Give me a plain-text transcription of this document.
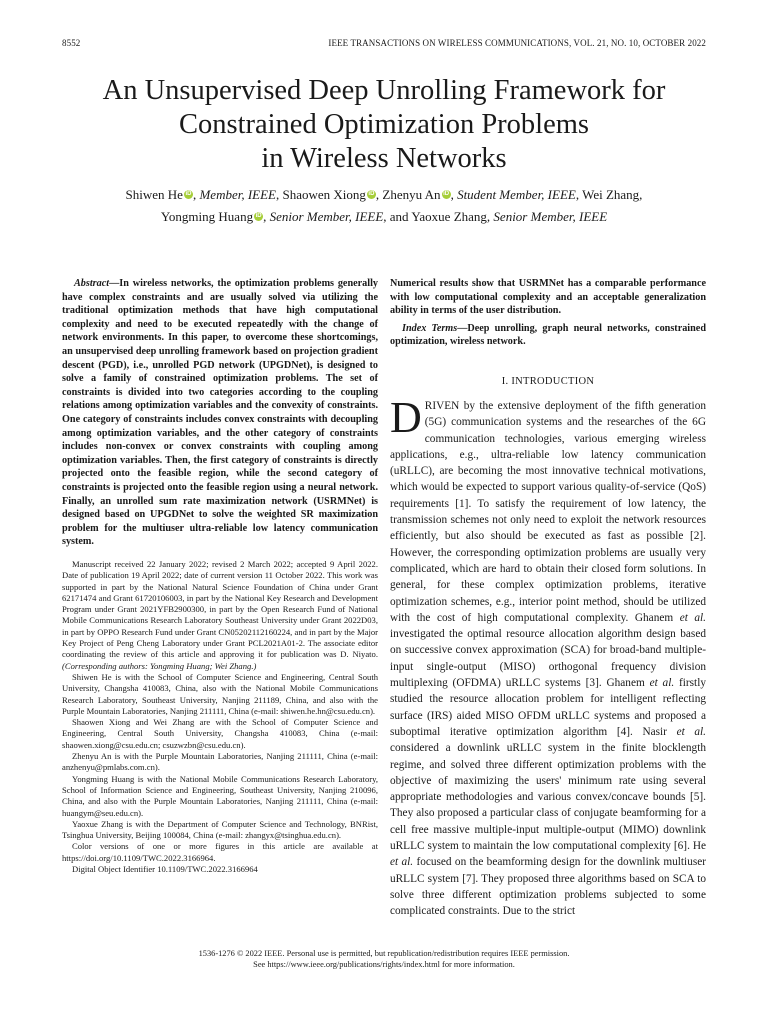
8552	IEEE TRANSACTIONS ON WIRELESS COMMUNICATIONS, VOL. 21, NO. 10, OCTOBER 2022
An Unsupervised Deep Unrolling Framework for
Constrained Optimization Problems
in Wireless Networks
Shiwen He iD , Member, IEEE, Shaowen Xiong iD , Zhenyu An iD , Student Member, IEEE, Wei Zhang,
Yongming Huang iD , Senior Member, IEEE, and Yaoxue Zhang, Senior Member, IEEE

Abstract—In wireless networks, the optimization problems generally have complex constraints and are usually solved via utilizing the traditional optimization methods that have high computational complexity and need to be executed repeatedly with the change of network environments. In this paper, to overcome these shortcomings, an unsupervised deep unrolling framework based on projection gradient descent (PGD), i.e., unrolled PGD network (UPGDNet), is designed to solve a family of constrained optimization problems. The set of constraints is divided into two categories according to the coupling relations among optimization variables and the convexity of constraints. One category of constraints includes convex constraints with decoupling among optimization variables, and the other category of constraints includes non-convex or convex constraints with coupling among optimization variables. Then, the first category of constraints is directly projected onto the feasible region, while the second category of constraints is projected onto the feasible region using a neural network. Finally, an unrolled sum rate maximization network (USRMNet) is designed based on UPGDNet to solve the weighted SR maximization problem for the multiuser ultra-reliable low latency communication system.

Numerical results show that USRMNet has a comparable performance with low computational complexity and an acceptable generalization ability in terms of the user distribution.

Index Terms—Deep unrolling, graph neural networks, constrained optimization, wireless network.

Manuscript received 22 January 2022; revised 2 March 2022; accepted 9 April 2022. Date of publication 19 April 2022; date of current version 11 October 2022. This work was supported in part by the National Natural Science Foundation of China under Grant 62171474 and Grant 61720106003, in part by the National Key Research and Development Program under Grant 2021YFB2900300, in part by the Open Research Fund of National Mobile Communications Research Laboratory Southeast University under Grant 2022D03, in part by OPPO Research Fund under Grant CN05202112160224, and in part by the Major Key Project of Peng Cheng Laboratory under Grant PCL2021A01-2. The associate editor coordinating the review of this article and approving it for publication was D. Niyato. (Corresponding authors: Yongming Huang; Wei Zhang.)

Shiwen He is with the School of Computer Science and Engineering, Central South University, Changsha 410083, China, also with the National Mobile Communications Research Laboratory, Southeast University, Nanjing 211189, China, and also with the Purple Mountain Laboratories, Nanjing 211111, China (e-mail: shiwen.he.hn@csu.edu.cn).

Shaowen Xiong and Wei Zhang are with the School of Computer Science and Engineering, Central South University, Changsha 410083, China (e-mail: shaowen.xiong@csu.edu.cn; csuzwzbn@csu.edu.cn).

Zhenyu An is with the Purple Mountain Laboratories, Nanjing 211111, China (e-mail: anzhenyu@pmlabs.com.cn).

Yongming Huang is with the National Mobile Communications Research Laboratory, School of Information Science and Engineering, Southeast University, Nanjing 210096, China, and also with the Purple Mountain Laboratories, Nanjing 211111, China (e-mail: huangym@seu.edu.cn).

Yaoxue Zhang is with the Department of Computer Science and Technology, BNRist, Tsinghua University, Beijing 100084, China (e-mail: zhangyx@tsinghua.edu.cn).

Color versions of one or more figures in this article are available at https://doi.org/10.1109/TWC.2022.3166964.

Digital Object Identifier 10.1109/TWC.2022.3166964

I. INTRODUCTION

DRIVEN by the extensive deployment of the fifth generation (5G) communication systems and the researches of the 6G communication technologies, various emerging wireless applications, e.g., ultra-reliable low latency communication (uRLLC), are becoming the most innovative technical motivations, which would be expected to support various quality-of-service (QoS) requirements [1]. To satisfy the requirement of low latency, the transmission schemes not only need to exploit the network resources efficiently, but also should be executed as fast as possible [2]. However, the corresponding optimization problems are usually very complicated, which are hard to obtain their closed form solutions. In general, for these complex optimization problems, iterative optimization schemes, e.g., interior point method, should be utilized with the cost of high computational complexity. Ghanem et al. investigated the optimal resource allocation algorithm design based on successive convex approximation (SCA) for broad-band multiple-input single-output (MISO) orthogonal frequency division multiplexing (OFDMA) uRLLC systems [3]. Ghanem et al. firstly studied the resource allocation problem for intelligent reflecting surface (IRS) aided MISO OFDM uRLLC systems and proposed a suboptimal iterative optimization algorithm [4]. Nasir et al. considered a downlink uRLLC system in the finite blocklength regime, and solved three different optimization problems with the objective of maximizing the users' minimum rate using several appropriate methodologies and various convex/concave bounds [5]. They also proposed a particular class of conjugate beamforming for a cell free massive multiple-input multiple-output (MIMO) downlink uRLLC system to maintain the low computational complexity [6]. He et al. focused on the beamforming design for the downlink multiuser uRLLC system [7]. They proposed three algorithms based on SCA to solve three different optimization problems subjected to some complicated constraints. Due to the strict

1536-1276 © 2022 IEEE. Personal use is permitted, but republication/redistribution requires IEEE permission.
See https://www.ieee.org/publications/rights/index.html for more information.
